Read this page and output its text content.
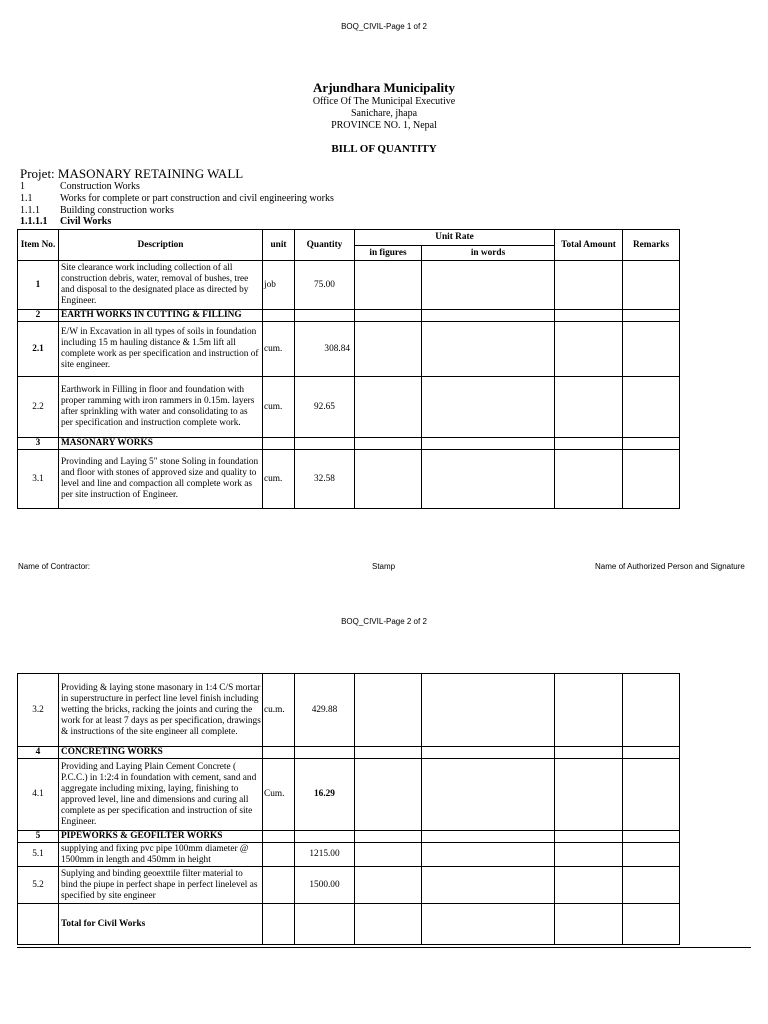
BOQ_CIVIL-Page 1 of 2
Arjundhara Municipality
Office Of The Municipal Executive
Sanichare, jhapa
PROVINCE NO. 1, Nepal
BILL OF QUANTITY
Projet: MASONARY RETAINING WALL
1	Construction Works
1.1	Works for complete or part construction and civil engineering works
1.1.1 Building construction works
1.1.1.1 Civil Works
Item No.	Description	unit	Quantity	Unit Rate		Total Amount	Remarks
				in figures	in words		
1	Site clearance work including collection of all construction debris, water, removal of bushes, tree and disposal to the designated place as directed by Engineer.	job	75.00				
2	EARTH WORKS IN CUTTING & FILLING						
2.1	E/W in Excavation in all types of soils in foundation including 15 m hauling distance & 1.5m lift all complete work as per specification and instruction of site engineer.	cum.	308.84				
2.2	Earthwork in Filling in floor and foundation with proper ramming with iron rammers in 0.15m. layers after sprinkling with water and consolidating to as per specification and instruction complete work.	cum.	92.65				
3	MASONARY WORKS						
3.1	Provinding and Laying 5" stone Soling in foundation and floor with stones of approved size and quality to level and line and compaction all complete work as per site instruction of Engineer.	cum.	32.58				
Name of Contractor:	Stamp	Name of Authorized Person and Signature
BOQ_CIVIL-Page 2 of 2
3.2	Providing & laying stone masonary in 1:4 C/S mortar in superstructure in perfect line level finish including wetting the bricks, racking the joints and curing the work for at least 7 days as per specification, drawings & instructions of the site engineer all complete.	cu.m.	429.88				
4	CONCRETING WORKS						
4.1	Providing and Laying Plain Cement Concrete ( P.C.C.) in 1:2:4 in foundation with cement, sand and aggregate including mixing, laying, finishing to approved level, line and dimensions and curing all complete as per specification and instruction of site Engineer.	Cum.	16.29				
5	PIPEWORKS & GEOFILTER WORKS						
5.1	supplying and fixing pvc pipe 100mm diameter @ 1500mm in length and 450mm in height		1215.00				
5.2	Suplying and binding geoexttile filter material to bind the piupe in perfect shape in perfect linelevel as specified by site engineer		1500.00				
	Total for Civil Works						
